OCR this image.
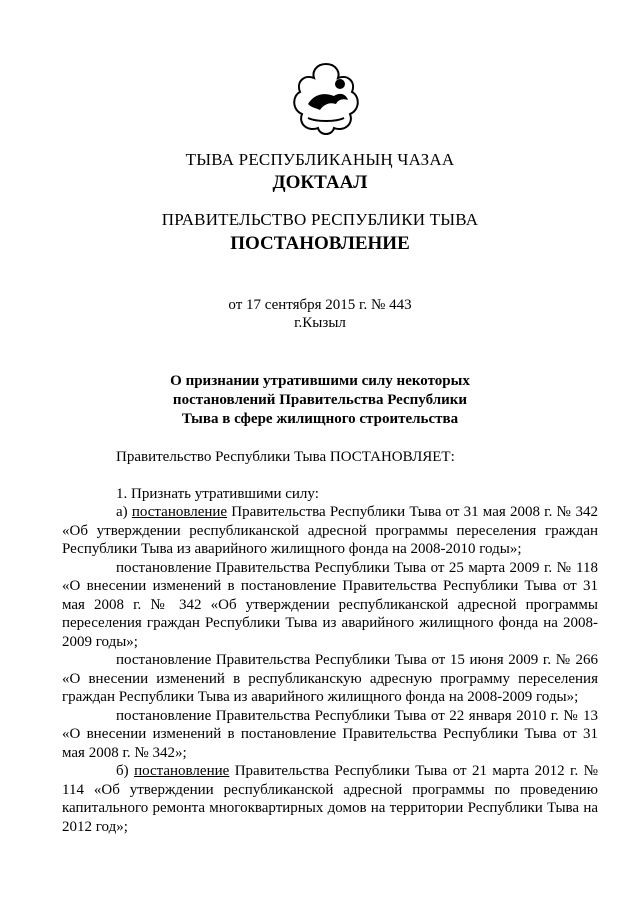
ТЫВА РЕСПУБЛИКАНЫҢ ЧАЗАА
ДОКТААЛ
ПРАВИТЕЛЬСТВО РЕСПУБЛИКИ ТЫВА
ПОСТАНОВЛЕНИЕ
от 17 сентября 2015 г. № 443
г.Кызыл
О признании утратившими силу некоторых
постановлений Правительства Республики
Тыва в сфере жилищного строительства

Правительство Республики Тыва ПОСТАНОВЛЯЕТ:

1. Признать утратившими силу:

а) постановление Правительства Республики Тыва от 31 мая 2008 г. № 342 «Об утверждении республиканской адресной программы переселения граждан Республики Тыва из аварийного жилищного фонда на 2008-2010 годы»;

постановление Правительства Республики Тыва от 25 марта 2009 г. № 118 «О внесении изменений в постановление Правительства Республики Тыва от 31 мая 2008 г. № 342 «Об утверждении республиканской адресной программы переселения граждан Республики Тыва из аварийного жилищного фонда на 2008-2009 годы»;

постановление Правительства Республики Тыва от 15 июня 2009 г. № 266 «О внесении изменений в республиканскую адресную программу переселения граждан Республики Тыва из аварийного жилищного фонда на 2008-2009 годы»;

постановление Правительства Республики Тыва от 22 января 2010 г. № 13 «О внесении изменений в постановление Правительства Республики Тыва от 31 мая 2008 г. № 342»;

б) постановление Правительства Республики Тыва от 21 марта 2012 г. № 114 «Об утверждении республиканской адресной программы по проведению капитального ремонта многоквартирных домов на территории Республики Тыва на 2012 год»;
